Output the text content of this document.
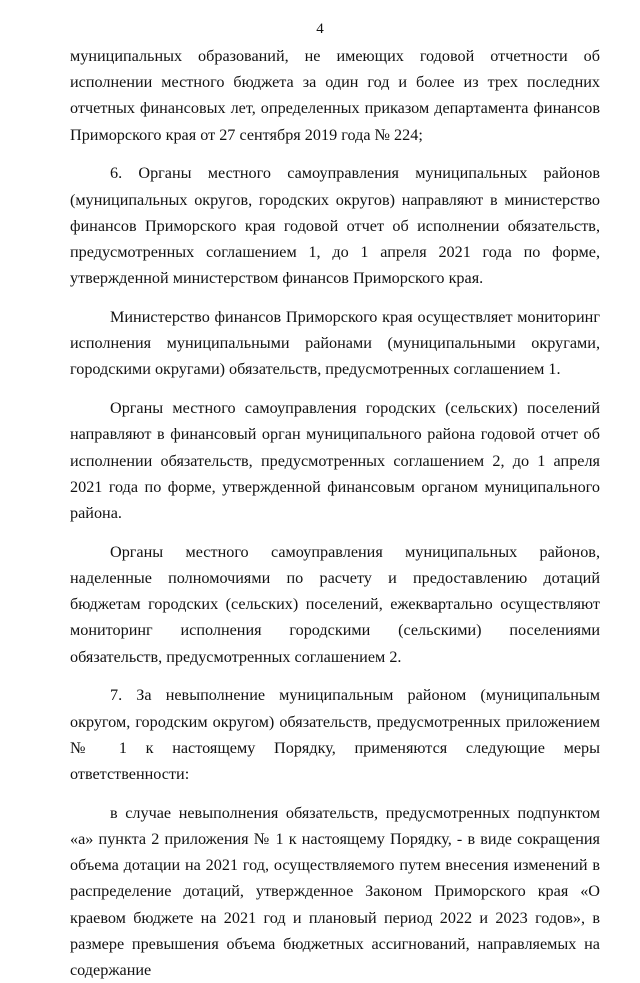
4

муниципальных образований, не имеющих годовой отчетности об исполнении местного бюджета за один год и более из трех последних отчетных финансовых лет, определенных приказом департамента финансов Приморского края от 27 сентября 2019 года № 224;

6. Органы местного самоуправления муниципальных районов (муниципальных округов, городских округов) направляют в министерство финансов Приморского края годовой отчет об исполнении обязательств, предусмотренных соглашением 1, до 1 апреля 2021 года по форме, утвержденной министерством финансов Приморского края.

Министерство финансов Приморского края осуществляет мониторинг исполнения муниципальными районами (муниципальными округами, городскими округами) обязательств, предусмотренных соглашением 1.

Органы местного самоуправления городских (сельских) поселений направляют в финансовый орган муниципального района годовой отчет об исполнении обязательств, предусмотренных соглашением 2, до 1 апреля 2021 года по форме, утвержденной финансовым органом муниципального района.

Органы местного самоуправления муниципальных районов, наделенные полномочиями по расчету и предоставлению дотаций бюджетам городских (сельских) поселений, ежеквартально осуществляют мониторинг исполнения городскими (сельскими) поселениями обязательств, предусмотренных соглашением 2.

7. За невыполнение муниципальным районом (муниципальным округом, городским округом) обязательств, предусмотренных приложением № 1 к настоящему Порядку, применяются следующие меры ответственности:

в случае невыполнения обязательств, предусмотренных подпунктом «а» пункта 2 приложения № 1 к настоящему Порядку, - в виде сокращения объема дотации на 2021 год, осуществляемого путем внесения изменений в распределение дотаций, утвержденное Законом Приморского края «О краевом бюджете на 2021 год и плановый период 2022 и 2023 годов», в размере превышения объема бюджетных ассигнований, направляемых на содержание
